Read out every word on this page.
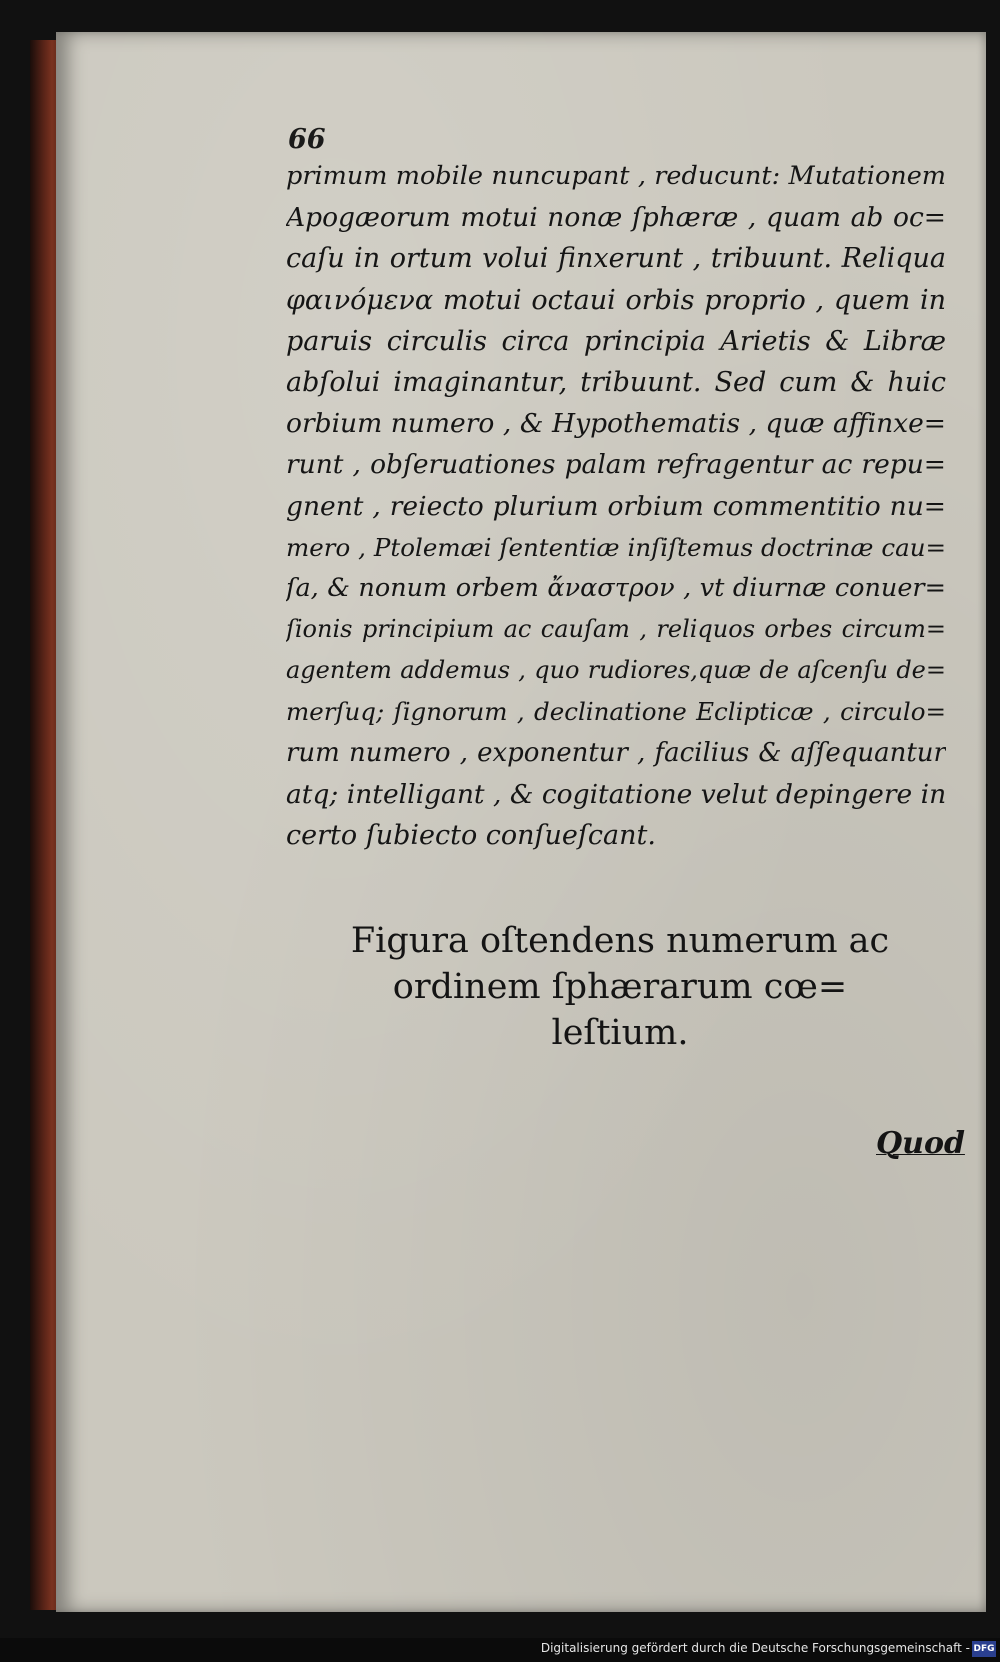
66
primum mobile nuncupant , reducunt: Mutationem
Apogæorum motui nonæ ſphæræ , quam ab oc=
caſu in ortum volui finxerunt , tribuunt. Reliqua
φαινόμενα motui octaui orbis proprio , quem in
paruis circulis circa principia Arietis & Libræ
abſolui imaginantur, tribuunt. Sed cum & huic
orbium numero , & Hypothematis , quæ affinxe=
runt , obſeruationes palam refragentur ac repu=
gnent , reiecto plurium orbium commentitio nu=
mero , Ptolemæi ſententiæ inſiſtemus doctrinæ cau=
ſa, & nonum orbem ἄναστρον , vt diurnæ conuer=
ſionis principium ac cauſam , reliquos orbes circum=
agentem addemus , quo rudiores,quæ de aſcenſu de=
merſuq; ſignorum , declinatione Eclipticæ , circulo=
rum numero , exponentur , facilius & aſſequantur
atq; intelligant , & cogitatione velut depingere in
certo ſubiecto conſueſcant.
Figura oſtendens numerum ac
ordinem ſphærarum cœ=
leſtium.
Quod
Digitalisierung gefördert durch die Deutsche Forschungsgemeinschaft - DFG
